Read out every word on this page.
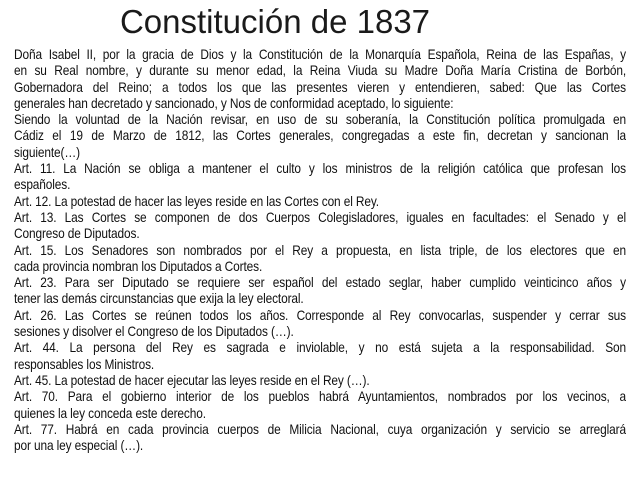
Constitución de 1837
Doña Isabel II, por la gracia de Dios y la Constitución de la Monarquía Española, Reina de las Españas, y
en su Real nombre, y durante su menor edad, la Reina Viuda su Madre Doña María Cristina de Borbón,
Gobernadora del Reino; a todos los que las presentes vieren y entendieren, sabed: Que las Cortes
generales han decretado y sancionado, y Nos de conformidad aceptado, lo siguiente:
Siendo la voluntad de la Nación revisar, en uso de su soberanía, la Constitución política promulgada en
Cádiz el 19 de Marzo de 1812, las Cortes generales, congregadas a este fin, decretan y sancionan la
siguiente(…)
Art. 11. La Nación se obliga a mantener el culto y los ministros de la religión católica que profesan los
españoles.
Art. 12. La potestad de hacer las leyes reside en las Cortes con el Rey.
Art. 13. Las Cortes se componen de dos Cuerpos Colegisladores, iguales en facultades: el Senado y el
Congreso de Diputados.
Art. 15. Los Senadores son nombrados por el Rey a propuesta, en lista triple, de los electores que en
cada provincia nombran los Diputados a Cortes.
Art. 23. Para ser Diputado se requiere ser español del estado seglar, haber cumplido veinticinco años y
tener las demás circunstancias que exija la ley electoral.
Art. 26. Las Cortes se reúnen todos los años. Corresponde al Rey convocarlas, suspender y cerrar sus
sesiones y disolver el Congreso de los Diputados (…).
Art. 44. La persona del Rey es sagrada e inviolable, y no está sujeta a la responsabilidad. Son
responsables los Ministros.
Art. 45. La potestad de hacer ejecutar las leyes reside en el Rey (…).
Art. 70. Para el gobierno interior de los pueblos habrá Ayuntamientos, nombrados por los vecinos, a
quienes la ley conceda este derecho.
Art. 77. Habrá en cada provincia cuerpos de Milicia Nacional, cuya organización y servicio se arreglará
por una ley especial (…).
